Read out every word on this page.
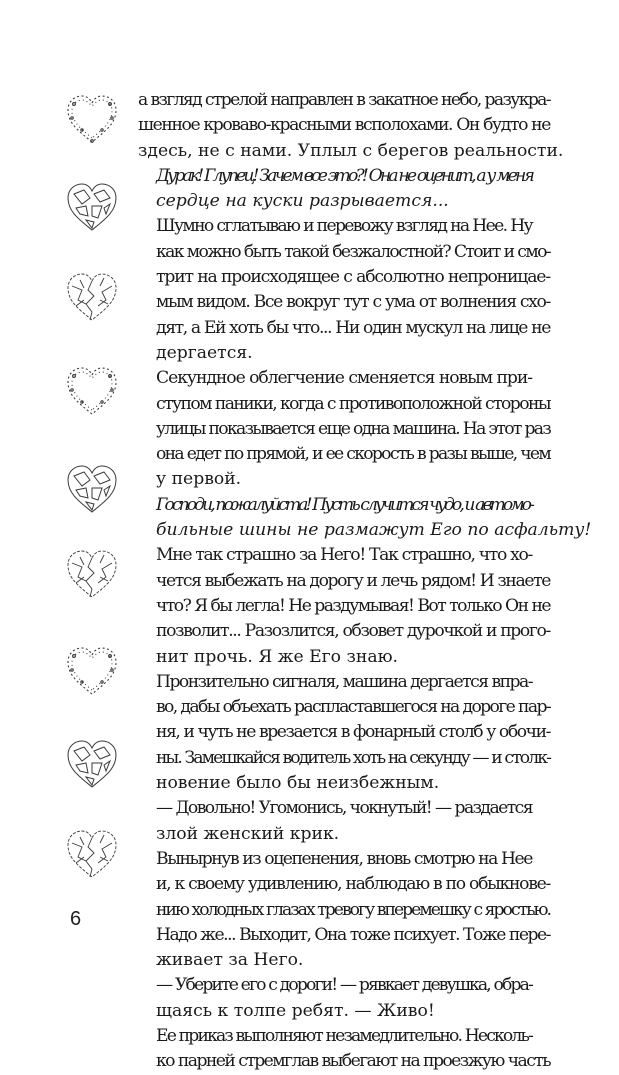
а взгляд стрелой направлен в закатное небо, разукра-
шенное кроваво-красными всполохами. Он будто не
здесь, не с нами. Уплыл с берегов реальности.

Дурак! Глупец! Зачем все это?! Она не оценит, а у меня
сердце на куски разрывается...

Шумно сглатываю и перевожу взгляд на Нее. Ну
как можно быть такой безжалостной? Стоит и смо-
трит на происходящее с абсолютно непроницае-
мым видом. Все вокруг тут с ума от волнения схо-
дят, а Ей хоть бы что... Ни один мускул на лице не
дергается.

Секундное облегчение сменяется новым при-
ступом паники, когда с противоположной стороны
улицы показывается еще одна машина. На этот раз
она едет по прямой, и ее скорость в разы выше, чем
у первой.

Господи, пожалуйста! Пусть случится чудо, и автомо-
бильные шины не размажут Его по асфальту!

Мне так страшно за Него! Так страшно, что хо-
чется выбежать на дорогу и лечь рядом! И знаете
что? Я бы легла! Не раздумывая! Вот только Он не
позволит... Разозлится, обзовет дурочкой и прого-
нит прочь. Я же Его знаю.

Пронзительно сигналя, машина дергается впра-
во, дабы объехать распластавшегося на дороге пар-
ня, и чуть не врезается в фонарный столб у обочи-
ны. Замешкайся водитель хоть на секунду — и столк-
новение было бы неизбежным.

— Довольно! Угомонись, чокнутый! — раздается
злой женский крик.

Вынырнув из оцепенения, вновь смотрю на Нее
и, к своему удивлению, наблюдаю в по обыкнове-
нию холодных глазах тревогу вперемешку с яростью.
Надо же... Выходит, Она тоже психует. Тоже пере-
живает за Него.

— Уберите его с дороги! — рявкает девушка, обра-
щаясь к толпе ребят. — Живо!

Ее приказ выполняют незамедлительно. Несколь-
ко парней стремглав выбегают на проезжую часть

6
